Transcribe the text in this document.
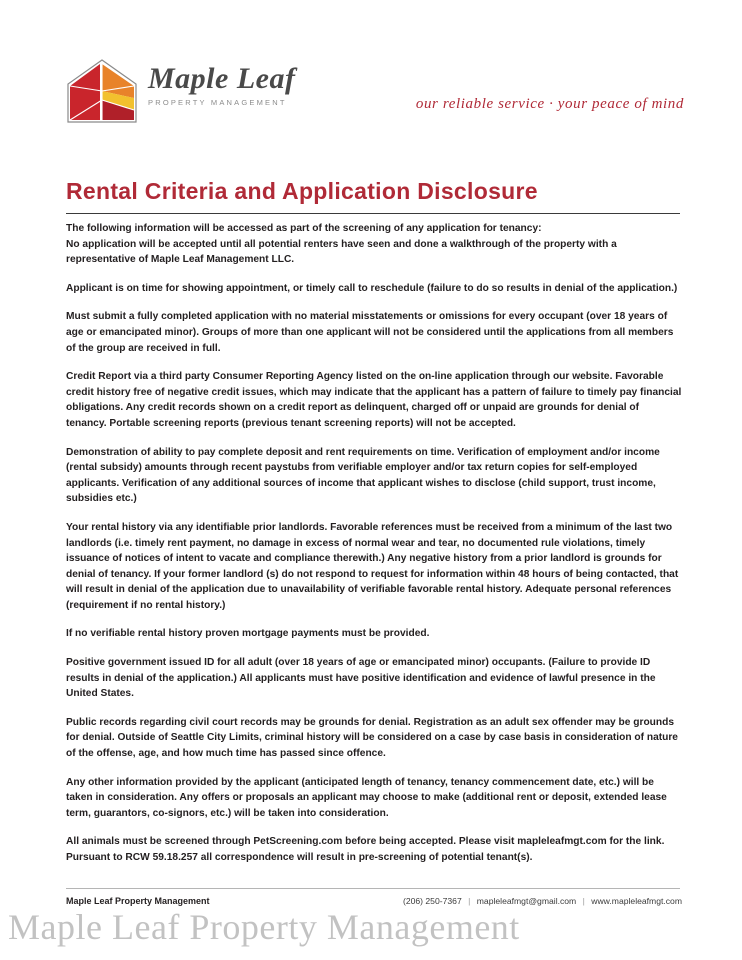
Maple Leaf
PROPERTY MANAGEMENT	our reliable service · your peace of mind
Rental Criteria and Application Disclosure

The following information will be accessed as part of the screening of any application for tenancy:

No application will be accepted until all potential renters have seen and done a walkthrough of the property with a representative of Maple Leaf Management LLC.

Applicant is on time for showing appointment, or timely call to reschedule (failure to do so results in denial of the application.)

Must submit a fully completed application with no material misstatements or omissions for every occupant (over 18 years of age or emancipated minor). Groups of more than one applicant will not be considered until the applications from all members of the group are received in full.

Credit Report via a third party Consumer Reporting Agency listed on the on-line application through our website. Favorable credit history free of negative credit issues, which may indicate that the applicant has a pattern of failure to timely pay financial obligations. Any credit records shown on a credit report as delinquent, charged off or unpaid are grounds for denial of tenancy. Portable screening reports (previous tenant screening reports) will not be accepted.

Demonstration of ability to pay complete deposit and rent requirements on time. Verification of employment and/or income (rental subsidy) amounts through recent paystubs from verifiable employer and/or tax return copies for self-employed applicants. Verification of any additional sources of income that applicant wishes to disclose (child support, trust income, subsidies etc.)

Your rental history via any identifiable prior landlords. Favorable references must be received from a minimum of the last two landlords (i.e. timely rent payment, no damage in excess of normal wear and tear, no documented rule violations, timely issuance of notices of intent to vacate and compliance therewith.) Any negative history from a prior landlord is grounds for denial of tenancy. If your former landlord (s) do not respond to request for information within 48 hours of being contacted, that will result in denial of the application due to unavailability of verifiable favorable rental history. Adequate personal references (requirement if no rental history.)

If no verifiable rental history proven mortgage payments must be provided.

Positive government issued ID for all adult (over 18 years of age or emancipated minor) occupants. (Failure to provide ID results in denial of the application.) All applicants must have positive identification and evidence of lawful presence in the United States.

Public records regarding civil court records may be grounds for denial. Registration as an adult sex offender may be grounds for denial. Outside of Seattle City Limits, criminal history will be considered on a case by case basis in consideration of nature of the offense, age, and how much time has passed since offence.

Any other information provided by the applicant (anticipated length of tenancy, tenancy commencement date, etc.) will be taken in consideration. Any offers or proposals an applicant may choose to make (additional rent or deposit, extended lease term, guarantors, co-signors, etc.) will be taken into consideration.

All animals must be screened through PetScreening.com before being accepted. Please visit mapleleafmgt.com for the link. Pursuant to RCW 59.18.257 all correspondence will result in pre-screening of potential tenant(s).

Maple Leaf Property Management	(206) 250-7367 | mapleleafmgt@gmail.com | www.mapleleafmgt.com
Maple Leaf Property Management
